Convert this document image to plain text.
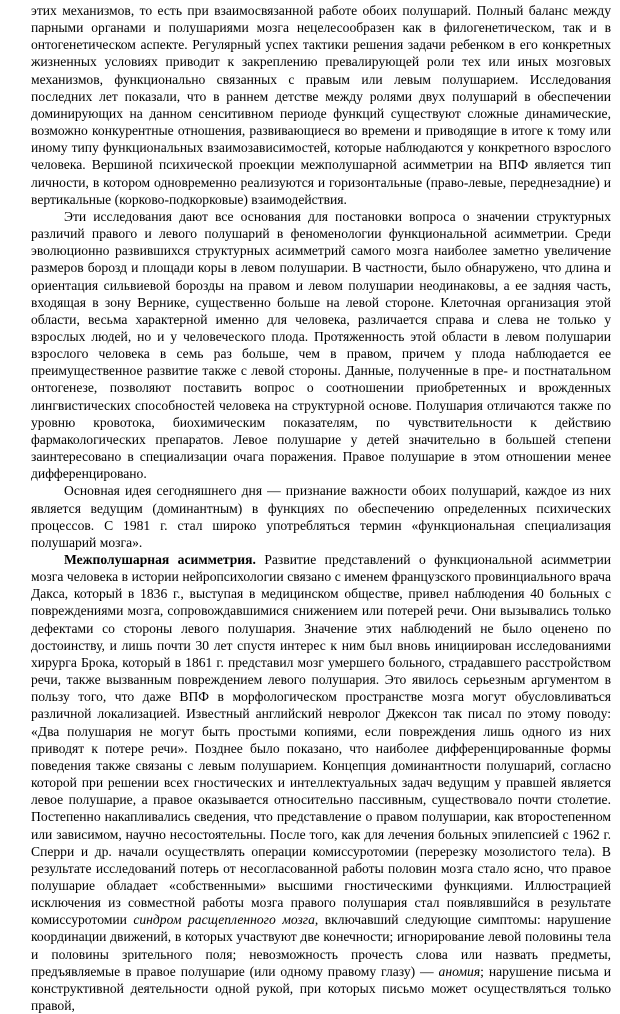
этих механизмов, то есть при взаимосвязанной работе обоих полушарий. Полный баланс между парными органами и полушариями мозга нецелесообразен как в филогенетическом, так и в онтогенетическом аспекте. Регулярный успех тактики решения задачи ребенком в его конкретных жизненных условиях приводит к закреплению превалирующей роли тех или иных мозговых механизмов, функционально связанных с правым или левым полушарием. Исследования последних лет показали, что в раннем детстве между ролями двух полушарий в обеспечении доминирующих на данном сенситивном периоде функций существуют сложные динамические, возможно конкурентные отношения, развивающиеся во времени и приводящие в итоге к тому или иному типу функциональных взаимозависимостей, которые наблюдаются у конкретного взрослого человека. Вершиной психической проекции межполушарной асимметрии на ВПФ является тип личности, в котором одновременно реализуются и горизонтальные (право-левые, переднезадние) и вертикальные (корково-подкорковые) взаимодействия.

Эти исследования дают все основания для постановки вопроса о значении структурных различий правого и левого полушарий в феноменологии функциональной асимметрии. Среди эволюционно развившихся структурных асимметрий самого мозга наиболее заметно увеличение размеров борозд и площади коры в левом полушарии. В частности, было обнаружено, что длина и ориентация сильвиевой борозды на правом и левом полушарии неодинаковы, а ее задняя часть, входящая в зону Вернике, существенно больше на левой стороне. Клеточная организация этой области, весьма характерной именно для человека, различается справа и слева не только у взрослых людей, но и у человеческого плода. Протяженность этой области в левом полушарии взрослого человека в семь раз больше, чем в правом, причем у плода наблюдается ее преимущественное развитие также с левой стороны. Данные, полученные в пре- и постнатальном онтогенезе, позволяют поставить вопрос о соотношении приобретенных и врожденных лингвистических способностей человека на структурной основе. Полушария отличаются также по уровню кровотока, биохимическим показателям, по чувствительности к действию фармакологических препаратов. Левое полушарие у детей значительно в большей степени заинтересовано в специализации очага поражения. Правое полушарие в этом отношении менее дифференцировано.

Основная идея сегодняшнего дня — признание важности обоих полушарий, каждое из них является ведущим (доминантным) в функциях по обеспечению определенных психических процессов. С 1981 г. стал широко употребляться термин «функциональная специализация полушарий мозга».

Межполушарная асимметрия. Развитие представлений о функциональной асимметрии мозга человека в истории нейропсихологии связано с именем французского провинциального врача Дакса, который в 1836 г., выступая в медицинском обществе, привел наблюдения 40 больных с повреждениями мозга, сопровождавшимися снижением или потерей речи. Они вызывались только дефектами со стороны левого полушария. Значение этих наблюдений не было оценено по достоинству, и лишь почти 30 лет спустя интерес к ним был вновь инициирован исследованиями хирурга Брока, который в 1861 г. представил мозг умершего больного, страдавшего расстройством речи, также вызванным повреждением левого полушария. Это явилось серьезным аргументом в пользу того, что даже ВПФ в морфологическом пространстве мозга могут обусловливаться различной локализацией. Известный английский невролог Джексон так писал по этому поводу: «Два полушария не могут быть простыми копиями, если повреждения лишь одного из них приводят к потере речи». Позднее было показано, что наиболее дифференцированные формы поведения также связаны с левым полушарием. Концепция доминантности полушарий, согласно которой при решении всех гностических и интеллектуальных задач ведущим у правшей является левое полушарие, а правое оказывается относительно пассивным, существовало почти столетие. Постепенно накапливались сведения, что представление о правом полушарии, как второстепенном или зависимом, научно несостоятельны. После того, как для лечения больных эпилепсией с 1962 г. Сперри и др. начали осуществлять операции комиссуротомии (перерезку мозолистого тела). В результате исследований потерь от несогласованной работы половин мозга стало ясно, что правое полушарие обладает «собственными» высшими гностическими функциями. Иллюстрацией исключения из совместной работы мозга правого полушария стал появлявшийся в результате комиссуротомии синдром расщепленного мозга, включавший следующие симптомы: нарушение координации движений, в которых участвуют две конечности; игнорирование левой половины тела и половины зрительного поля; невозможность прочесть слова или назвать предметы, предъявляемые в правое полушарие (или одному правому глазу) — аномия; нарушение письма и конструктивной деятельности одной рукой, при которых письмо может осуществляться только правой,
